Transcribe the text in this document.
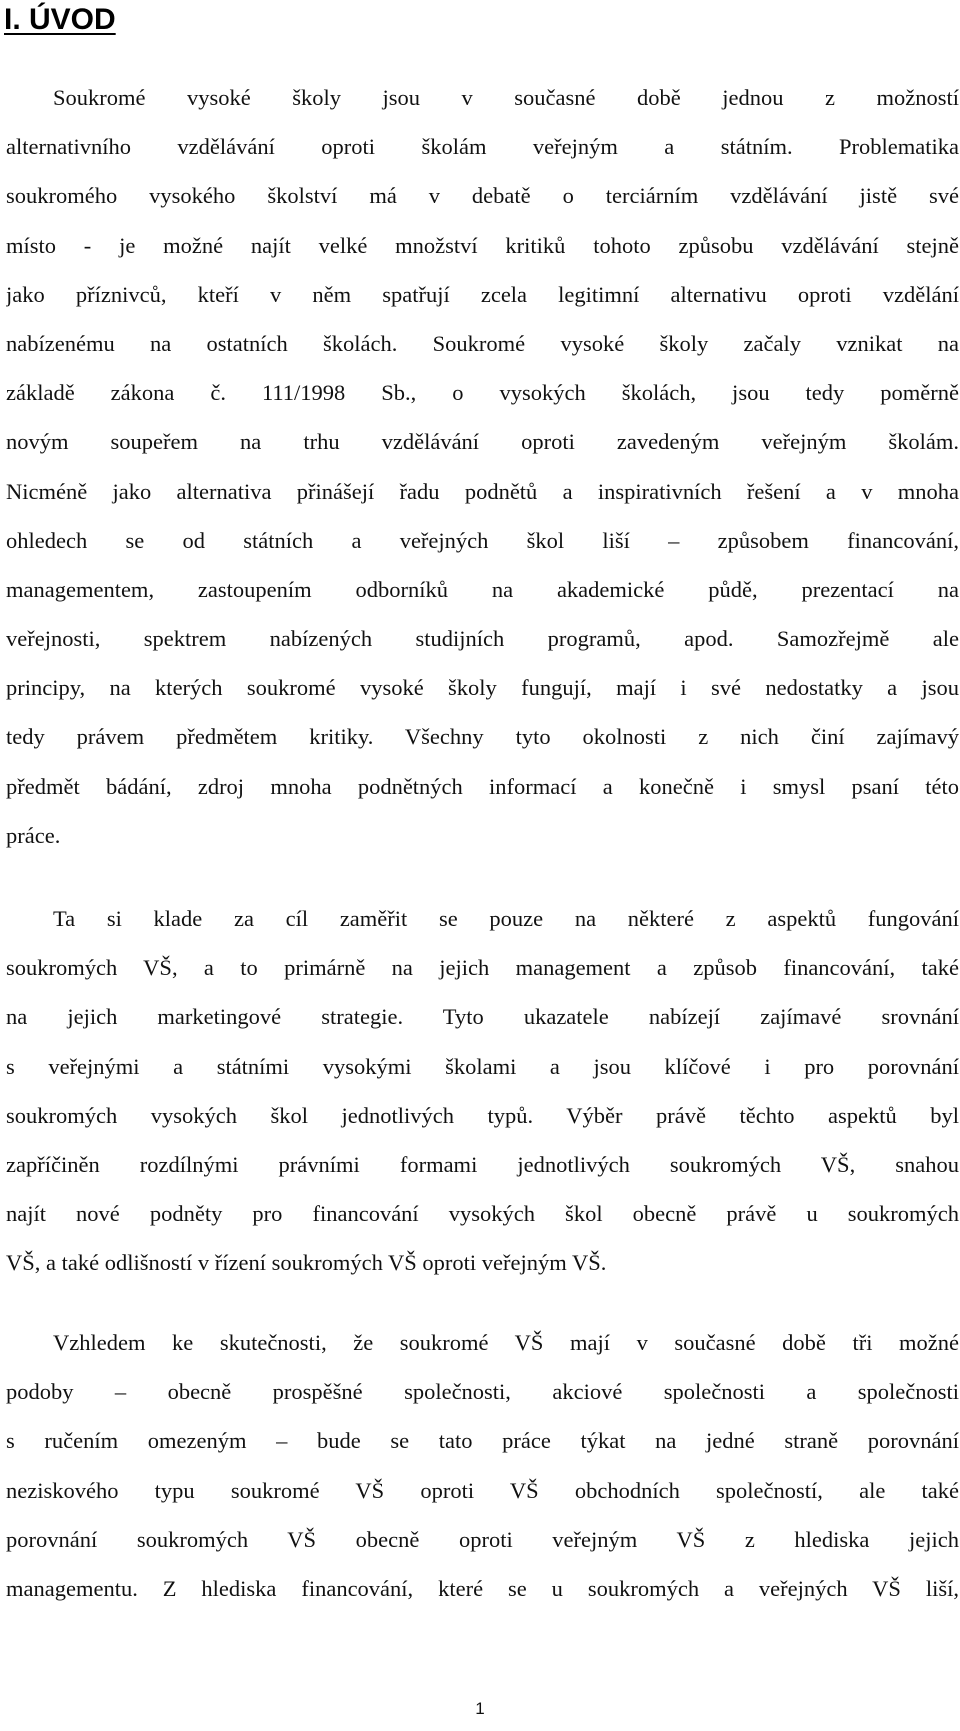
I. ÚVOD

Soukromé vysoké školy jsou v současné době jednou z možností
alternativního vzdělávání oproti školám veřejným a státním. Problematika
soukromého vysokého školství má v debatě o terciárním vzdělávání jistě své
místo - je možné najít velké množství kritiků tohoto způsobu vzdělávání stejně
jako příznivců, kteří v něm spatřují zcela legitimní alternativu oproti vzdělání
nabízenému na ostatních školách. Soukromé vysoké školy začaly vznikat na
základě zákona č. 111/1998 Sb., o vysokých školách, jsou tedy poměrně
novým soupeřem na trhu vzdělávání oproti zavedeným veřejným školám.
Nicméně jako alternativa přinášejí řadu podnětů a inspirativních řešení a v mnoha
ohledech se od státních a veřejných škol liší – způsobem financování,
managementem, zastoupením odborníků na akademické půdě, prezentací na
veřejnosti, spektrem nabízených studijních programů, apod. Samozřejmě ale
principy, na kterých soukromé vysoké školy fungují, mají i své nedostatky a jsou
tedy právem předmětem kritiky. Všechny tyto okolnosti z nich činí zajímavý
předmět bádání, zdroj mnoha podnětných informací a konečně i smysl psaní této
práce.

Ta si klade za cíl zaměřit se pouze na některé z aspektů fungování
soukromých VŠ, a to primárně na jejich management a způsob financování, také
na jejich marketingové strategie. Tyto ukazatele nabízejí zajímavé srovnání
s veřejnými a státními vysokými školami a jsou klíčové i pro porovnání
soukromých vysokých škol jednotlivých typů. Výběr právě těchto aspektů byl
zapříčiněn rozdílnými právními formami jednotlivých soukromých VŠ, snahou
najít nové podněty pro financování vysokých škol obecně právě u soukromých
VŠ, a také odlišností v řízení soukromých VŠ oproti veřejným VŠ.

Vzhledem ke skutečnosti, že soukromé VŠ mají v současné době tři možné
podoby – obecně prospěšné společnosti, akciové společnosti a společnosti
s ručením omezeným – bude se tato práce týkat na jedné straně porovnání
neziskového typu soukromé VŠ oproti VŠ obchodních společností, ale také
porovnání soukromých VŠ obecně oproti veřejným VŠ z hlediska jejich
managementu. Z hlediska financování, které se u soukromých a veřejných VŠ liší,

1
